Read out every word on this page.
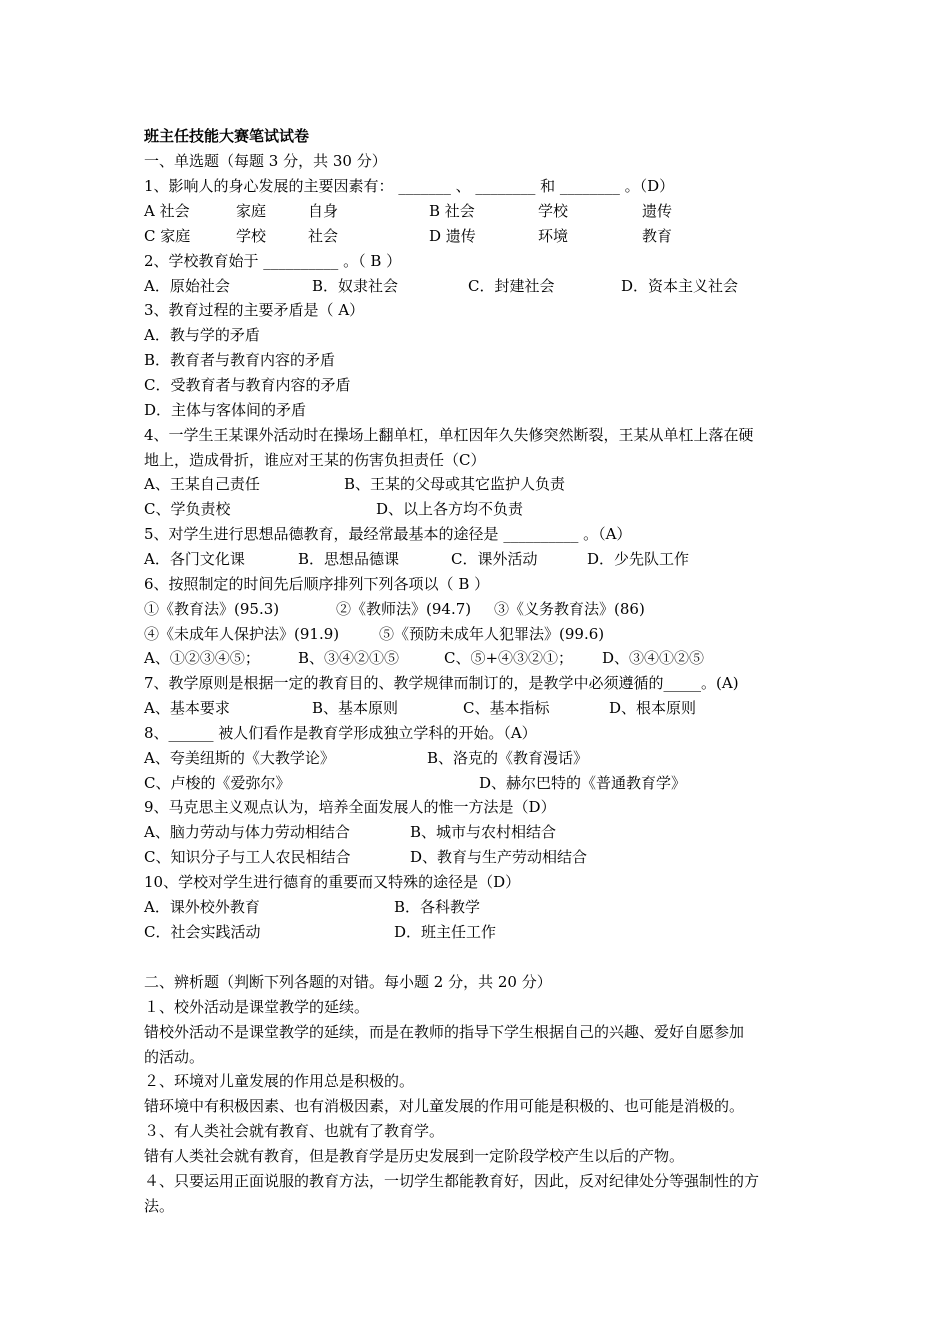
班主任技能大赛笔试试卷
一、单选题（每题 3 分，共 30 分）
1、影响人的身心发展的主要因素有： _______ 、 ________ 和 ________ 。（D）
A 社会	家庭	自身	B 社会	学校	遗传
C 家庭	学校	社会	D 遗传	环境	教育
2、学校教育始于 __________ 。（ B ）
A．原始社会	B．奴隶社会	C．封建社会	D．资本主义社会
3、教育过程的主要矛盾是（ A）
A．教与学的矛盾
B．教育者与教育内容的矛盾
C．受教育者与教育内容的矛盾
D．主体与客体间的矛盾
4、一学生王某课外活动时在操场上翻单杠，单杠因年久失修突然断裂，王某从单杠上落在硬
地上，造成骨折，谁应对王某的伤害负担责任（C）
A、王某自己责任	B、王某的父母或其它监护人负责
C、学负责校	D、以上各方均不负责
5、对学生进行思想品德教育，最经常最基本的途径是 __________ 。（A）
A．各门文化课	B．思想品德课	C．课外活动	D．少先队工作
6、按照制定的时间先后顺序排列下列各项以（ B ）
①《教育法》(95.3)	②《教师法》(94.7) ③《义务教育法》(86)
④《未成年人保护法》(91.9)	⑤《预防未成年人犯罪法》(99.6)
A、①②③④⑤；	B、③④②①⑤	C、⑤+④③②①； D、③④①②⑤
7、教学原则是根据一定的教育目的、教学规律而制订的，是教学中必须遵循的_____。(A)
A、基本要求	B、基本原则	C、基本指标	D、根本原则
8、______ 被人们看作是教育学形成独立学科的开始。（A）
A、夸美纽斯的《大教学论》	B、洛克的《教育漫话》
C、卢梭的《爱弥尔》	D、赫尔巴特的《普通教育学》
9、马克思主义观点认为，培养全面发展人的惟一方法是（D）
A、脑力劳动与体力劳动相结合	B、城市与农村相结合
C、知识分子与工人农民相结合	D、教育与生产劳动相结合
10、学校对学生进行德育的重要而又特殊的途径是（D）
A．课外校外教育	B．各科教学
C．社会实践活动	D．班主任工作
二、辨析题（判断下列各题的对错。每小题 2 分，共 20 分）
１、校外活动是课堂教学的延续。
错校外活动不是课堂教学的延续，而是在教师的指导下学生根据自己的兴趣、爱好自愿参加
的活动。
２、环境对儿童发展的作用总是积极的。
错环境中有积极因素、也有消极因素，对儿童发展的作用可能是积极的、也可能是消极的。
３、有人类社会就有教育、也就有了教育学。
错有人类社会就有教育，但是教育学是历史发展到一定阶段学校产生以后的产物。
４、只要运用正面说服的教育方法，一切学生都能教育好，因此，反对纪律处分等强制性的方
法。
